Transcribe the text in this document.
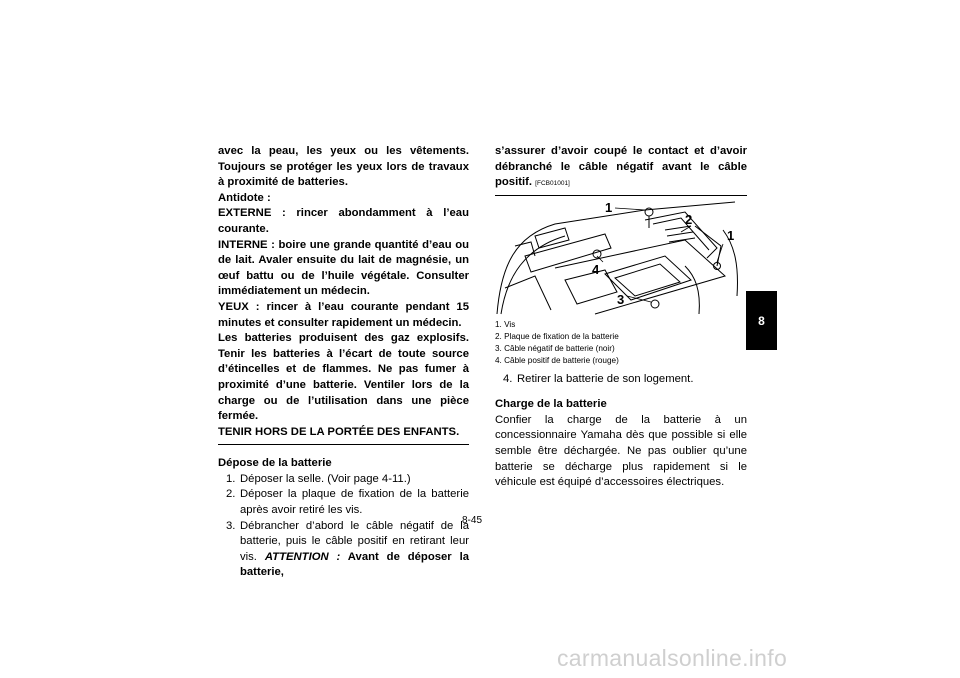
avec la peau, les yeux ou les vêtements. Toujours se protéger les yeux lors de travaux à proximité de batteries.

Antidote :

EXTERNE : rincer abondamment à l’eau courante.

INTERNE : boire une grande quantité d’eau ou de lait. Avaler ensuite du lait de magnésie, un œuf battu ou de l’huile végétale. Consulter immédiatement un médecin.

YEUX : rincer à l’eau courante pendant 15 minutes et consulter rapidement un médecin.

Les batteries produisent des gaz explosifs. Tenir les batteries à l’écart de toute source d’étincelles et de flammes. Ne pas fumer à proximité d’une batterie. Ventiler lors de la charge ou de l’utilisation dans une pièce fermée.

TENIR HORS DE LA PORTÉE DES ENFANTS.

Dépose de la batterie
1. Déposer la selle. (Voir page 4-11.)
2. Déposer la plaque de fixation de la batterie après avoir retiré les vis.
3. Débrancher d’abord le câble négatif de la batterie, puis le câble positif en retirant leur vis. ATTENTION : Avant de déposer la batterie,

s’assurer d’avoir coupé le contact et d’avoir débranché le câble négatif avant le câble positif. [FCB01001]

1
2
1
4
3
1. Vis
2. Plaque de fixation de la batterie
3. Câble négatif de batterie (noir)
4. Câble positif de batterie (rouge)
4. Retirer la batterie de son logement.
Charge de la batterie

Confier la charge de la batterie à un concessionnaire Yamaha dès que possible si elle semble être déchargée. Ne pas oublier qu’une batterie se décharge plus rapidement si le véhicule est équipé d’accessoires électriques.

8-45
8
carmanualsonline.info
